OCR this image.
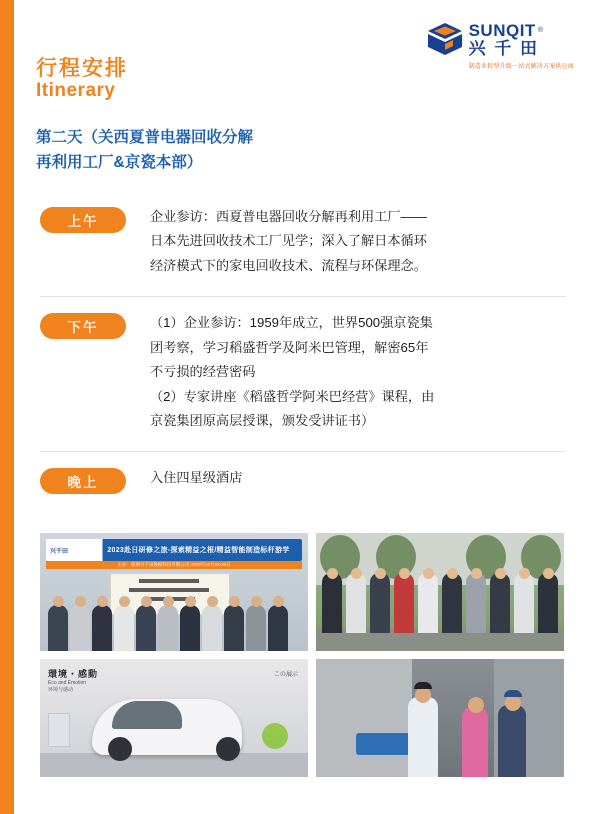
SUNQIT ®
兴 千 田
制造业转型升级一站式解决方案供应商
行程安排
Itinerary
第二天（关西夏普电器回收分解
再利用工厂&京瓷本部）
上午	企业参访：西夏普电器回收分解再利用工厂——

日本先进回收技术工厂见学；深入了解日本循环

经济模式下的家电回收技术、流程与环保理念。

下午	（1）企业参访：1959年成立，世界500强京瓷集

团考察，学习稻盛哲学及阿米巴管理，解密65年

不亏损的经营密码

（2）专家讲座《稻盛哲学阿米巴经营》课程，由

京瓷集团原高层授课，颁发受讲证书）

晚上	入住四星级酒店

兴千田	2023赴日研修之旅-探索精益之根/精益智能制造标杆游学
主办：深圳兴千田数据科技有限公司 2023年10月23-28日
環境・感動
Eco and Emotion
环境与感动
この展示
